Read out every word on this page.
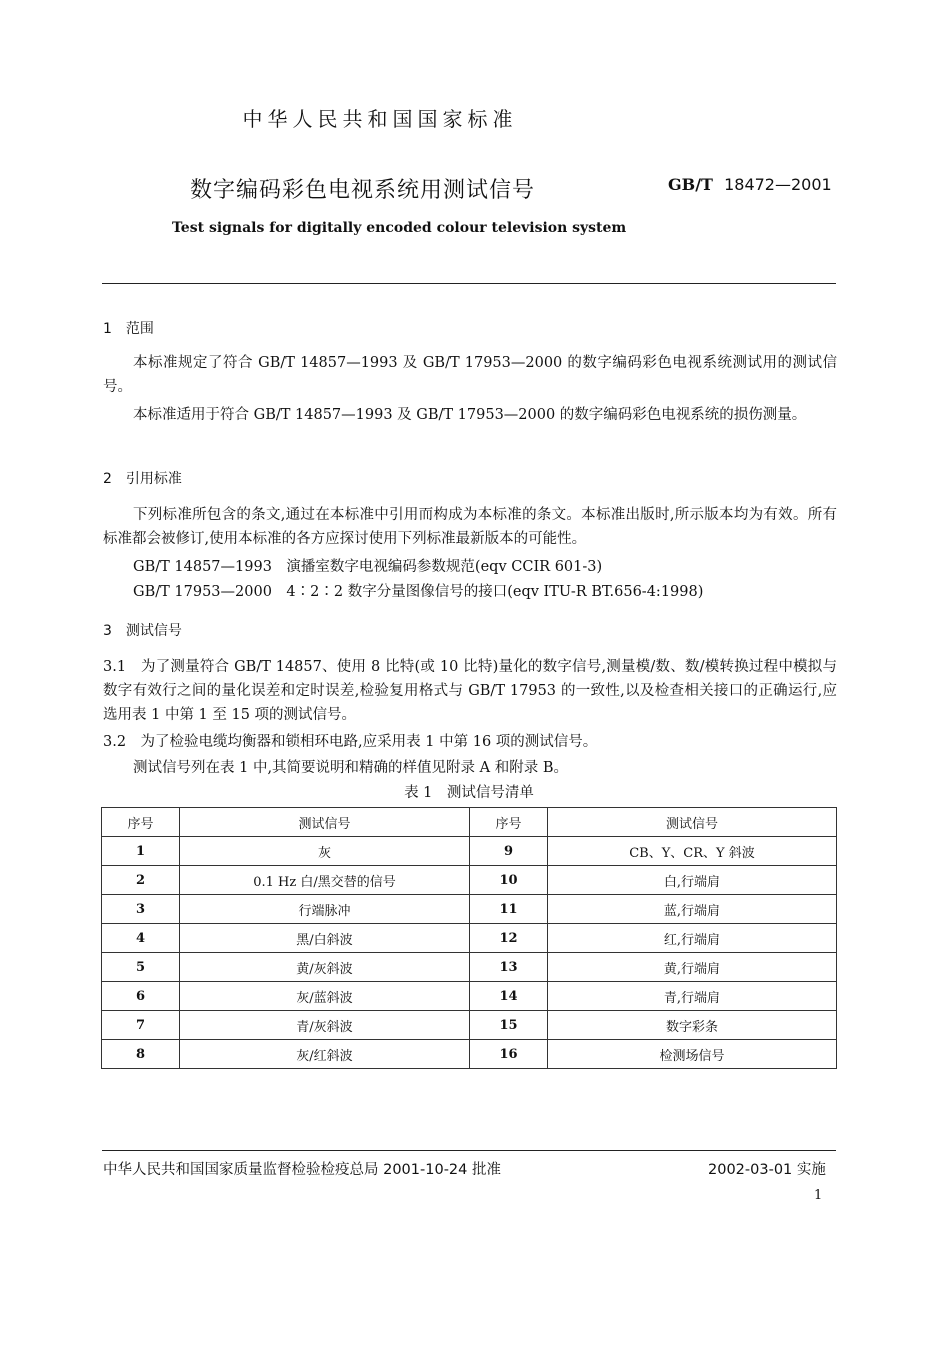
中华人民共和国国家标准
数字编码彩色电视系统用测试信号	GB/T 18472—2001
Test signals for digitally encoded colour television system
1　范围
本标准规定了符合 GB/T 14857—1993 及 GB/T 17953—2000 的数字编码彩色电视系统测试用的测试信号。
本标准适用于符合 GB/T 14857—1993 及 GB/T 17953—2000 的数字编码彩色电视系统的损伤测量。
2　引用标准
下列标准所包含的条文,通过在本标准中引用而构成为本标准的条文。本标准出版时,所示版本均为有效。所有标准都会被修订,使用本标准的各方应探讨使用下列标准最新版本的可能性。
GB/T 14857—1993　演播室数字电视编码参数规范(eqv CCIR 601-3)
GB/T 17953—2000　4∶2∶2 数字分量图像信号的接口(eqv ITU-R BT.656-4:1998)
3　测试信号
3.1　为了测量符合 GB/T 14857、使用 8 比特(或 10 比特)量化的数字信号,测量模/数、数/模转换过程中模拟与数字有效行之间的量化误差和定时误差,检验复用格式与 GB/T 17953 的一致性,以及检查相关接口的正确运行,应选用表 1 中第 1 至 15 项的测试信号。
3.2　为了检验电缆均衡器和锁相环电路,应采用表 1 中第 16 项的测试信号。
测试信号列在表 1 中,其简要说明和精确的样值见附录 A 和附录 B。
表 1　测试信号清单
序号	测试信号	序号	测试信号
1	灰	9	CB、Y、CR、Y 斜波
2	0.1 Hz 白/黑交替的信号	10	白,行端肩
3	行端脉冲	11	蓝,行端肩
4	黑/白斜波	12	红,行端肩
5	黄/灰斜波	13	黄,行端肩
6	灰/蓝斜波	14	青,行端肩
7	青/灰斜波	15	数字彩条
8	灰/红斜波	16	检测场信号
中华人民共和国国家质量监督检验检疫总局 2001-10-24 批准	2002-03-01 实施
1
